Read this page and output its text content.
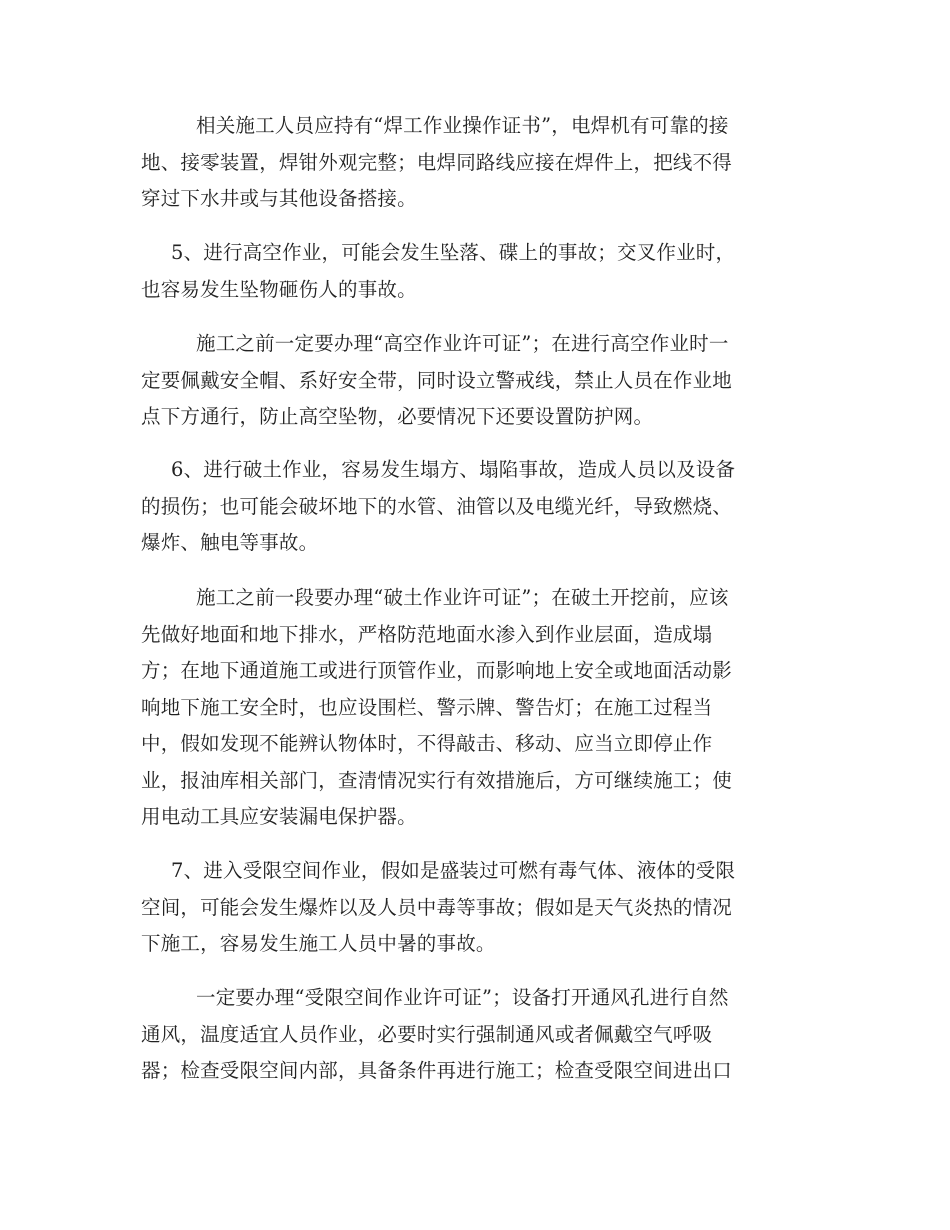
相关施工人员应持有“焊工作业操作证书”，电焊机有可靠的接
地、接零装置，焊钳外观完整；电焊同路线应接在焊件上，把线不得
穿过下水井或与其他设备搭接。
5、进行高空作业，可能会发生坠落、碟上的事故；交叉作业时，
也容易发生坠物砸伤人的事故。
施工之前一定要办理“高空作业许可证”；在进行高空作业时一
定要佩戴安全帽、系好安全带，同时设立警戒线，禁止人员在作业地
点下方通行，防止高空坠物，必要情况下还要设置防护网。
6、进行破土作业，容易发生塌方、塌陷事故，造成人员以及设备
的损伤；也可能会破坏地下的水管、油管以及电缆光纤，导致燃烧、
爆炸、触电等事故。
施工之前一段要办理“破土作业许可证”；在破土开挖前，应该
先做好地面和地下排水，严格防范地面水渗入到作业层面，造成塌
方；在地下通道施工或进行顶管作业，而影响地上安全或地面活动影
响地下施工安全时，也应设围栏、警示牌、警告灯；在施工过程当
中，假如发现不能辨认物体时，不得敲击、移动、应当立即停止作
业，报油库相关部门，查清情况实行有效措施后，方可继续施工；使
用电动工具应安装漏电保护器。
7、进入受限空间作业，假如是盛装过可燃有毒气体、液体的受限
空间，可能会发生爆炸以及人员中毒等事故；假如是天气炎热的情况
下施工，容易发生施工人员中暑的事故。
一定要办理“受限空间作业许可证”；设备打开通风孔进行自然
通风，温度适宜人员作业，必要时实行强制通风或者佩戴空气呼吸
器；检查受限空间内部，具备条件再进行施工；检查受限空间进出口
